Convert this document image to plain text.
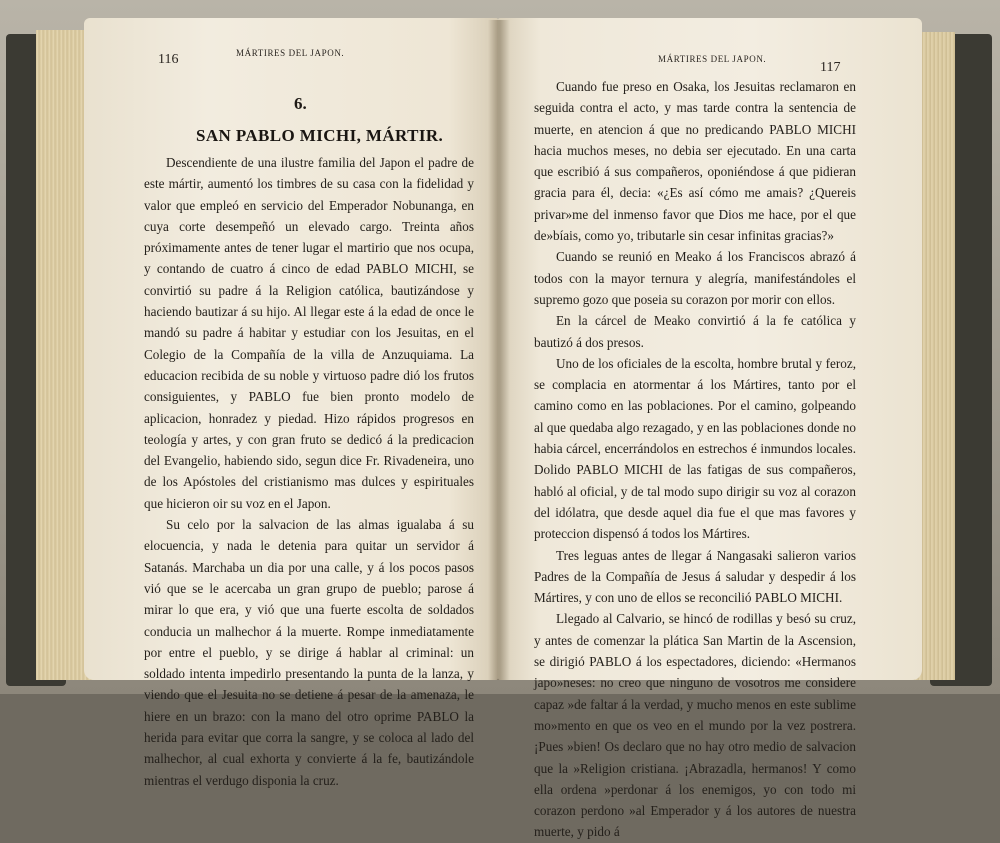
116	MÁRTIRES DEL JAPON.
6.
SAN PABLO MICHI, MÁRTIR.

Descendiente de una ilustre familia del Japon el padre de este mártir, aumentó los timbres de su casa con la fidelidad y valor que empleó en servicio del Emperador Nobunanga, en cuya corte desempeñó un elevado cargo. Treinta años próximamente antes de tener lugar el martirio que nos ocupa, y contando de cuatro á cinco de edad PABLO MICHI, se convirtió su padre á la Religion católica, bautizándose y haciendo bautizar á su hijo. Al llegar este á la edad de once le mandó su padre á habitar y estudiar con los Jesuitas, en el Colegio de la Compañía de la villa de Anzuquiama. La educacion recibida de su noble y virtuoso padre dió los frutos consiguientes, y PABLO fue bien pronto modelo de aplicacion, honradez y piedad. Hizo rápidos progresos en teología y artes, y con gran fruto se dedicó á la predicacion del Evangelio, habiendo sido, segun dice Fr. Rivadeneira, uno de los Apóstoles del cristianismo mas dulces y espirituales que hicieron oir su voz en el Japon.

Su celo por la salvacion de las almas igualaba á su elocuencia, y nada le detenia para quitar un servidor á Satanás. Marchaba un dia por una calle, y á los pocos pasos vió que se le acercaba un gran grupo de pueblo; parose á mirar lo que era, y vió que una fuerte escolta de soldados conducia un malhechor á la muerte. Rompe inmediatamente por entre el pueblo, y se dirige á hablar al criminal: un soldado intenta impedirlo presentando la punta de la lanza, y viendo que el Jesuita no se detiene á pesar de la amenaza, le hiere en un brazo: con la mano del otro oprime PABLO la herida para evitar que corra la sangre, y se coloca al lado del malhechor, al cual exhorta y convierte á la fe, bautizándole mientras el verdugo disponia la cruz.

MÁRTIRES DEL JAPON.
117

Cuando fue preso en Osaka, los Jesuitas reclamaron en seguida contra el acto, y mas tarde contra la sentencia de muerte, en atencion á que no predicando PABLO MICHI hacia muchos meses, no debia ser ejecutado. En una carta que escribió á sus compañeros, oponiéndose á que pidieran gracia para él, decia: «¿Es así cómo me amais? ¿Quereis privar»me del inmenso favor que Dios me hace, por el que de»bíais, como yo, tributarle sin cesar infinitas gracias?»

Cuando se reunió en Meako á los Franciscos abrazó á todos con la mayor ternura y alegría, manifestándoles el supremo gozo que poseia su corazon por morir con ellos.

En la cárcel de Meako convirtió á la fe católica y bautizó á dos presos.

Uno de los oficiales de la escolta, hombre brutal y feroz, se complacia en atormentar á los Mártires, tanto por el camino como en las poblaciones. Por el camino, golpeando al que quedaba algo rezagado, y en las poblaciones donde no habia cárcel, encerrándolos en estrechos é inmundos locales. Dolido PABLO MICHI de las fatigas de sus compañeros, habló al oficial, y de tal modo supo dirigir su voz al corazon del idólatra, que desde aquel dia fue el que mas favores y proteccion dispensó á todos los Mártires.

Tres leguas antes de llegar á Nangasaki salieron varios Padres de la Compañía de Jesus á saludar y despedir á los Mártires, y con uno de ellos se reconcilió PABLO MICHI.

Llegado al Calvario, se hincó de rodillas y besó su cruz, y antes de comenzar la plática San Martin de la Ascension, se dirigió PABLO á los espectadores, diciendo: «Hermanos japo»neses: no creo que ninguno de vosotros me considere capaz »de faltar á la verdad, y mucho menos en este sublime mo»mento en que os veo en el mundo por la vez postrera. ¡Pues »bien! Os declaro que no hay otro medio de salvacion que la »Religion cristiana. ¡Abrazadla, hermanos! Y como ella ordena »perdonar á los enemigos, yo con todo mi corazon perdono »al Emperador y á los autores de nuestra muerte, y pido á
